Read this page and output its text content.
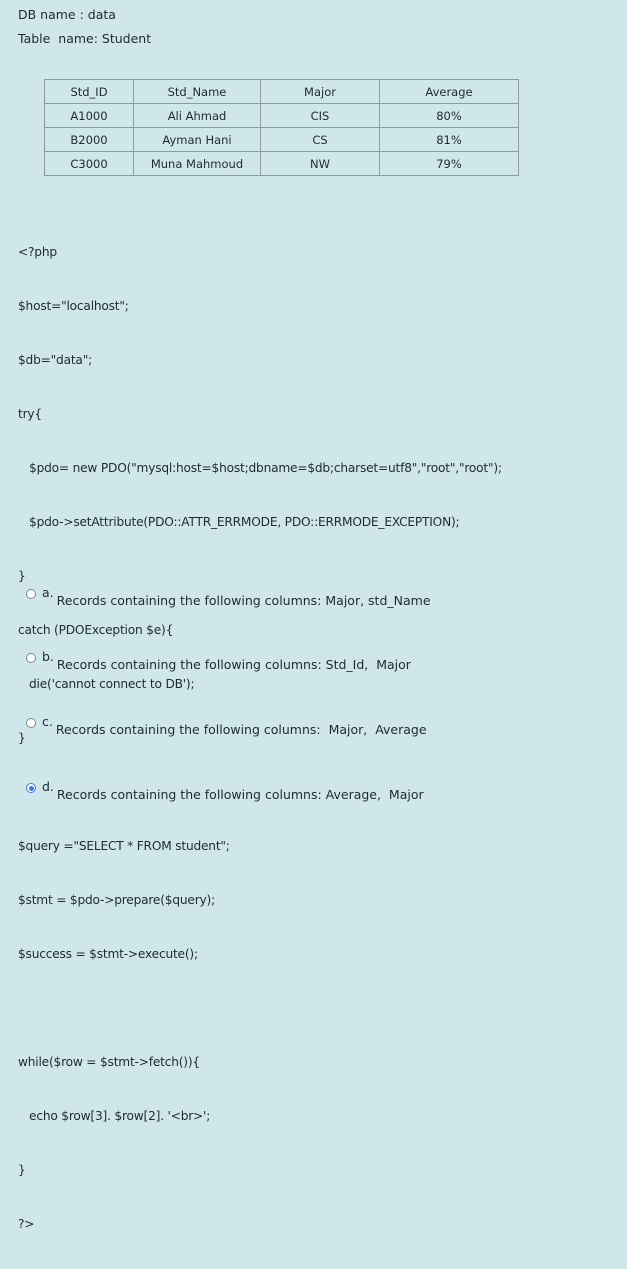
DB name : data
Table  name: Student
Std_ID	Std_Name	Major	Average
A1000	Ali Ahmad	CIS	80%
B2000	Ayman Hani	CS	81%
C3000	Muna Mahmoud	NW	79%

<?php

$host="localhost";

$db="data";

try{

$pdo= new PDO("mysql:host=$host;dbname=$db;charset=utf8","root","root");

$pdo->setAttribute(PDO::ATTR_ERRMODE, PDO::ERRMODE_EXCEPTION);

}

catch (PDOException $e){

die('cannot connect to DB');

}

$query ="SELECT * FROM student";

$stmt = $pdo->prepare($query);

$success = $stmt->execute();

while($row = $stmt->fetch()){

echo $row[3]. $row[2]. '<br>';

}

?>

a.
Records containing the following columns: Major, std_Name
b.
Records containing the following columns: Std_Id,  Major
c.
Records containing the following columns:  Major,  Average
d.
Records containing the following columns: Average,  Major
